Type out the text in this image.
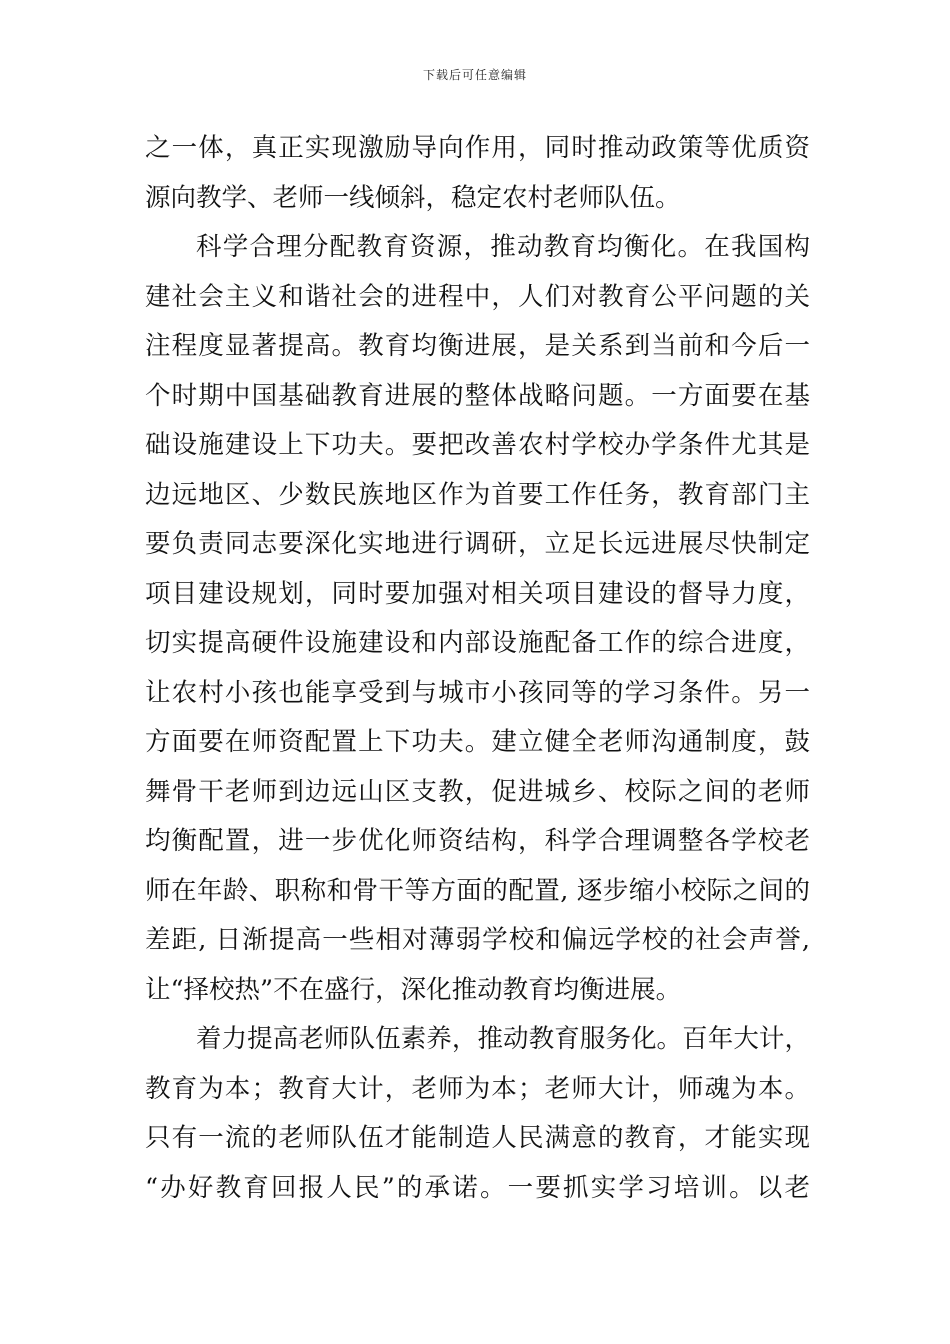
下载后可任意编辑
之一体，真正实现激励导向作用，同时推动政策等优质资
源向教学、老师一线倾斜，稳定农村老师队伍。
科学合理分配教育资源，推动教育均衡化。在我国构
建社会主义和谐社会的进程中，人们对教育公平问题的关
注程度显著提高。教育均衡进展，是关系到当前和今后一
个时期中国基础教育进展的整体战略问题。一方面要在基
础设施建设上下功夫。要把改善农村学校办学条件尤其是
边远地区、少数民族地区作为首要工作任务，教育部门主
要负责同志要深化实地进行调研，立足长远进展尽快制定
项目建设规划，同时要加强对相关项目建设的督导力度，
切实提高硬件设施建设和内部设施配备工作的综合进度，
让农村小孩也能享受到与城市小孩同等的学习条件。另一
方面要在师资配置上下功夫。建立健全老师沟通制度，鼓
舞骨干老师到边远山区支教，促进城乡、校际之间的老师
均衡配置，进一步优化师资结构，科学合理调整各学校老
师在年龄、职称和骨干等方面的配置, 逐步缩小校际之间的
差距, 日渐提高一些相对薄弱学校和偏远学校的社会声誉,
让“择校热”不在盛行，深化推动教育均衡进展。
着力提高老师队伍素养，推动教育服务化。百年大计，
教育为本；教育大计，老师为本；老师大计，师魂为本。
只有一流的老师队伍才能制造人民满意的教育，才能实现
“办好教育回报人民”的承诺。一要抓实学习培训。以老
